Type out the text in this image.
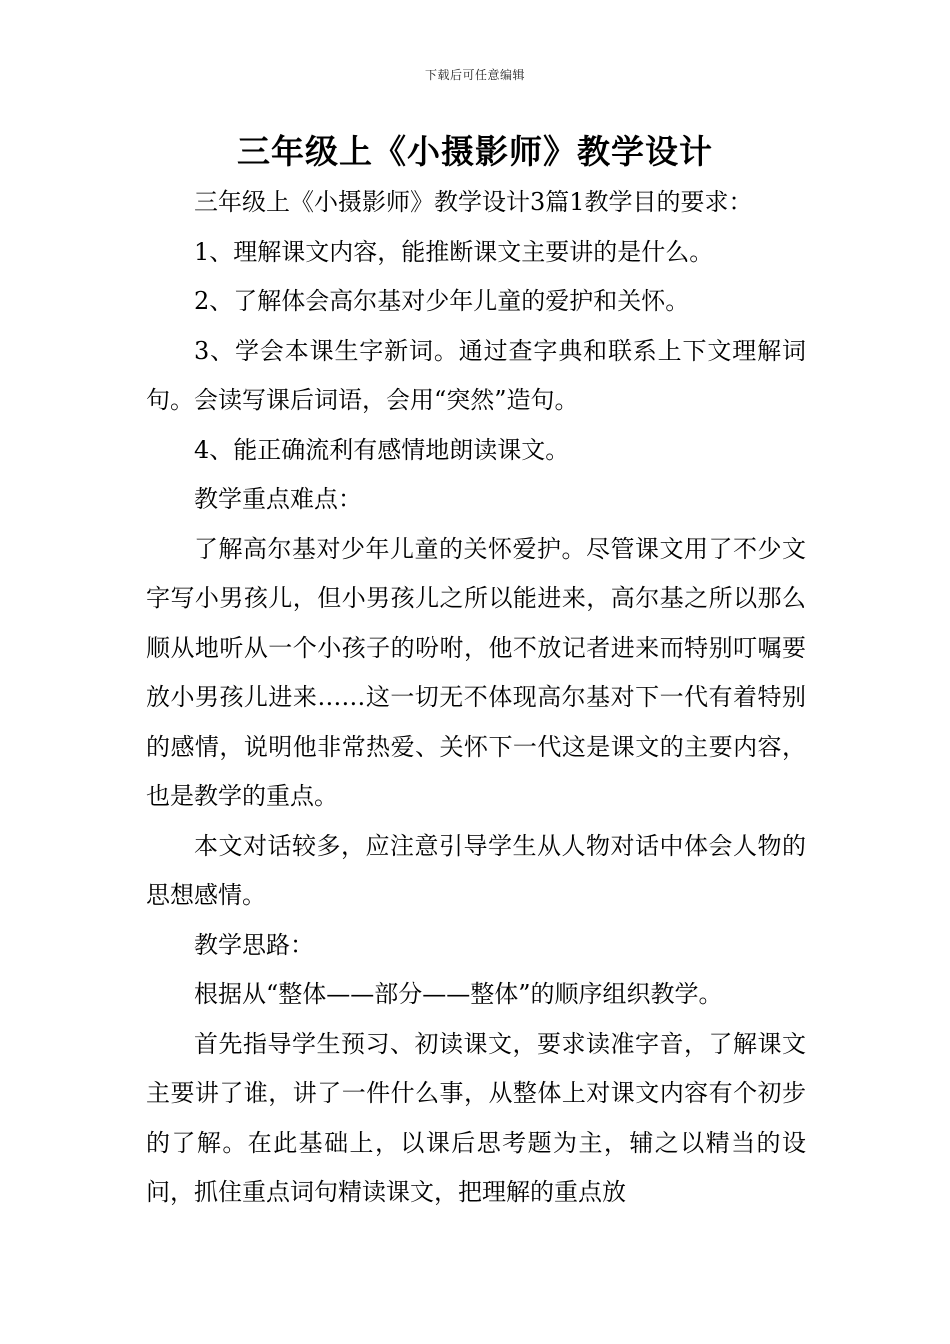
下载后可任意编辑
三年级上《小摄影师》教学设计

三年级上《小摄影师》教学设计3篇1教学目的要求：

1、理解课文内容，能推断课文主要讲的是什么。

2、了解体会高尔基对少年儿童的爱护和关怀。

3、学会本课生字新词。通过查字典和联系上下文理解词句。会读写课后词语，会用“突然”造句。

4、能正确流利有感情地朗读课文。

教学重点难点：

了解高尔基对少年儿童的关怀爱护。尽管课文用了不少文字写小男孩儿，但小男孩儿之所以能进来，高尔基之所以那么顺从地听从一个小孩子的吩咐，他不放记者进来而特别叮嘱要放小男孩儿进来……这一切无不体现高尔基对下一代有着特别的感情，说明他非常热爱、关怀下一代这是课文的主要内容，也是教学的重点。

本文对话较多，应注意引导学生从人物对话中体会人物的思想感情。

教学思路：

根据从“整体——部分——整体”的顺序组织教学。

首先指导学生预习、初读课文，要求读准字音，了解课文主要讲了谁，讲了一件什么事，从整体上对课文内容有个初步的了解。在此基础上，以课后思考题为主，辅之以精当的设问，抓住重点词句精读课文，把理解的重点放
